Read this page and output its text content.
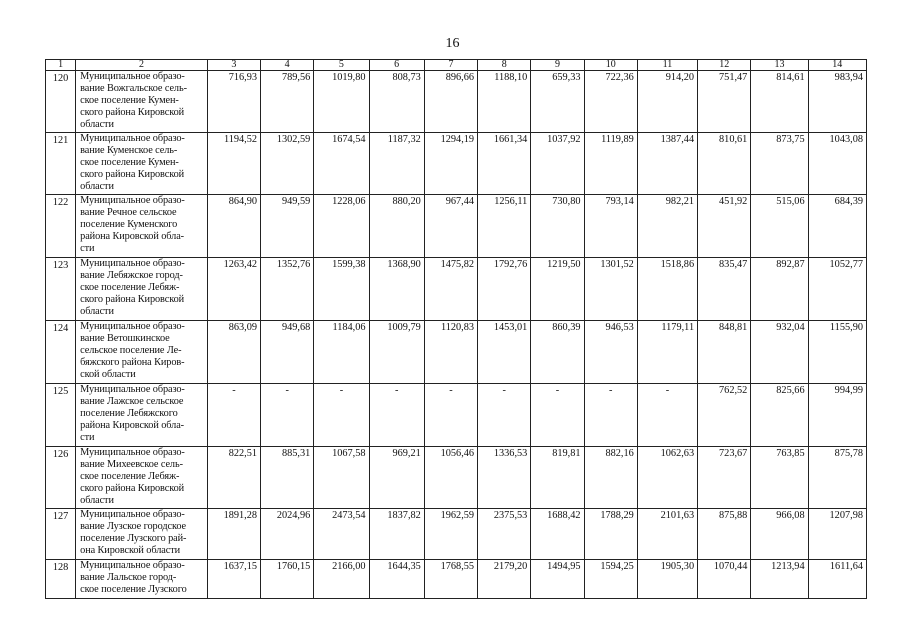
16
1	2	3	4	5	6	7	8	9	10	11	12	13	14
120	Муниципальное образо-
вание Вожгальское сель-
ское поселение Кумен-
ского района Кировской
области	716,93	789,56	1019,80	808,73	896,66	1188,10	659,33	722,36	914,20	751,47	814,61	983,94
121	Муниципальное образо-
вание Куменское сель-
ское поселение Кумен-
ского района Кировской
области	1194,52	1302,59	1674,54	1187,32	1294,19	1661,34	1037,92	1119,89	1387,44	810,61	873,75	1043,08
122	Муниципальное образо-
вание Речное сельское
поселение Куменского
района Кировской обла-
сти	864,90	949,59	1228,06	880,20	967,44	1256,11	730,80	793,14	982,21	451,92	515,06	684,39
123	Муниципальное образо-
вание Лебяжское город-
ское поселение Лебяж-
ского района Кировской
области	1263,42	1352,76	1599,38	1368,90	1475,82	1792,76	1219,50	1301,52	1518,86	835,47	892,87	1052,77
124	Муниципальное образо-
вание Ветошкинское
сельское поселение Ле-
бяжского района Киров-
ской области	863,09	949,68	1184,06	1009,79	1120,83	1453,01	860,39	946,53	1179,11	848,81	932,04	1155,90
125	Муниципальное образо-
вание Лажское сельское
поселение Лебяжского
района Кировской обла-
сти	-	-	-	-	-	-	-	-	-	762,52	825,66	994,99
126	Муниципальное образо-
вание Михеевское сель-
ское поселение Лебяж-
ского района Кировской
области	822,51	885,31	1067,58	969,21	1056,46	1336,53	819,81	882,16	1062,63	723,67	763,85	875,78
127	Муниципальное образо-
вание Лузское городское
поселение Лузского рай-
она Кировской области	1891,28	2024,96	2473,54	1837,82	1962,59	2375,53	1688,42	1788,29	2101,63	875,88	966,08	1207,98
128	Муниципальное образо-
вание Лальское город-
ское поселение Лузского	1637,15	1760,15	2166,00	1644,35	1768,55	2179,20	1494,95	1594,25	1905,30	1070,44	1213,94	1611,64
